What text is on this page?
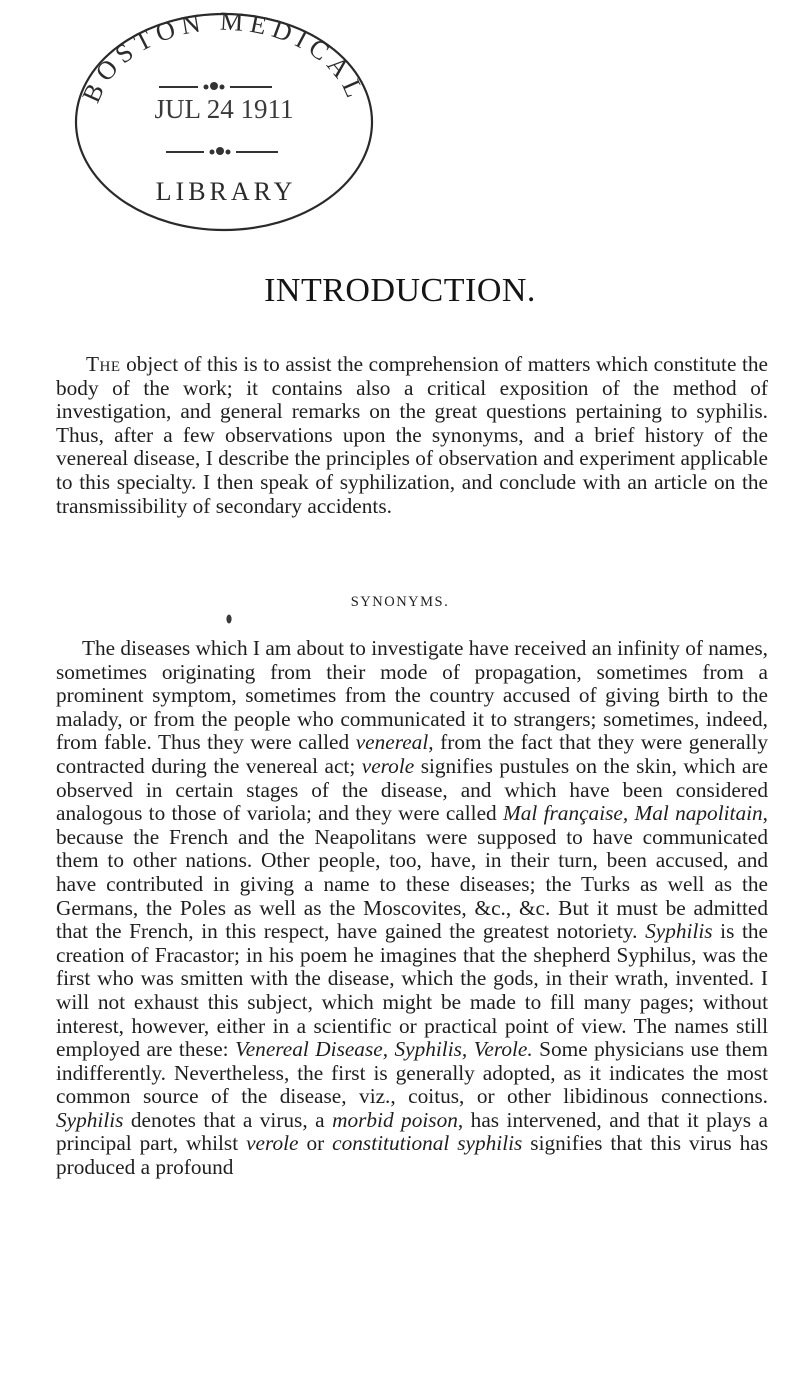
BOSTON MEDICAL
JUL 24 1911
LIBRARY
INTRODUCTION.

The object of this is to assist the comprehension of matters which constitute the body of the work; it contains also a critical exposition of the method of investigation, and general remarks on the great questions pertaining to syphilis. Thus, after a few observations upon the synonyms, and a brief history of the venereal disease, I describe the principles of observation and experiment applicable to this specialty. I then speak of syphilization, and conclude with an article on the transmissibility of secondary accidents.

SYNONYMS.

The diseases which I am about to investigate have received an infinity of names, sometimes originating from their mode of propagation, sometimes from a prominent symptom, sometimes from the country accused of giving birth to the malady, or from the people who communicated it to strangers; sometimes, indeed, from fable. Thus they were called venereal, from the fact that they were generally contracted during the venereal act; verole signifies pustules on the skin, which are observed in certain stages of the disease, and which have been considered analogous to those of variola; and they were called Mal française, Mal napolitain, because the French and the Neapolitans were supposed to have communicated them to other nations. Other people, too, have, in their turn, been accused, and have contributed in giving a name to these diseases; the Turks as well as the Germans, the Poles as well as the Moscovites, &c., &c. But it must be admitted that the French, in this respect, have gained the greatest notoriety. Syphilis is the creation of Fracastor; in his poem he imagines that the shepherd Syphilus, was the first who was smitten with the disease, which the gods, in their wrath, invented. I will not exhaust this subject, which might be made to fill many pages; without interest, however, either in a scientific or practical point of view. The names still employed are these: Venereal Disease, Syphilis, Verole. Some physicians use them indifferently. Nevertheless, the first is generally adopted, as it indicates the most common source of the disease, viz., coitus, or other libidinous connections. Syphilis denotes that a virus, a morbid poison, has intervened, and that it plays a principal part, whilst verole or constitutional syphilis signifies that this virus has produced a profound
